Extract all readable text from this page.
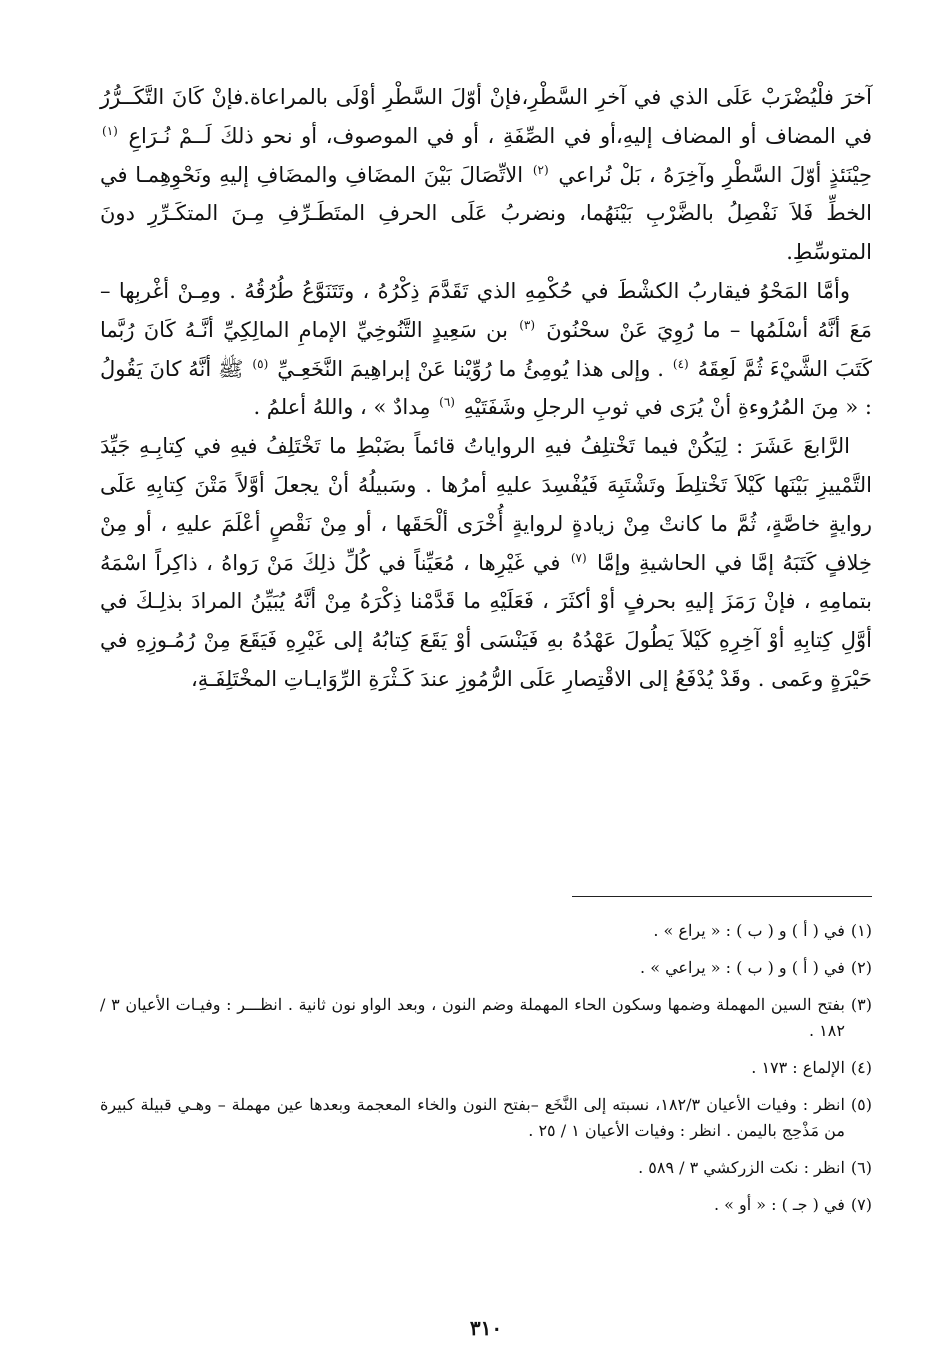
آخرَ فلْيُضْرَبْ عَلَى الذي في آخرِ السَّطْرِ،فإنْ أوّلَ السَّطْرِ أوْلَى بالمراعاة.فإنْ كَانَ التَّكَــرُّرُ في المضاف أو المضاف إليهِ،أو في الصِّفَةِ ، أو في الموصوف، أو نحو ذلكَ لَــمْ نُـرَاعِ $^{(١)}$ حِيْنَئذٍ أوّلَ السَّطْرِ وآخِرَهُ ، بَلْ نُراعي $^{(٢)}$ الاتِّصَالَ بَيْنَ المضَافِ والمضَافِ إليهِ ونَحْوِهِمـا في الخطِّ فَلاَ نَفْصِلُ بالضَّرْبِ بَيْنَهُما، ونضربُ عَلَى الحرفِ المتَطَـرِّفِ مِـنَ المتكَـرِّرِ دونَ المتوسِّطِ.

وأمَّا المَحْوُ فيقاربُ الكشْطَ في حُكْمِهِ الذي تَقَدَّمَ ذِكْرُهُ ، وتَتَنَوَّعُ طُرُقُهُ . ومِـنْ أغْربِها – مَعَ أنَّهُ أسْلَمُها – ما رُوِيَ عَنْ سحْنُونَ $^{(٣)}$ بن سَعِيدٍ التَّنُوخِيِّ الإمامِ المالِكِيِّ أنَّـهُ كَانَ رُبَّما كَتَبَ الشَّيْءَ ثُمَّ لَعِقَهُ $^{(٤)}$ . وإلى هذا يُومِئُ ما رُوِّيْنا عَنْ إبراهِيمَ النَّخَعِـيِّ $^{(٥)}$ ﷺ أنَّهُ كانَ يَقُولُ : « مِنَ المُرُوءةِ أنْ يُرَى في ثوبِ الرجلِ وشَفَتَيْهِ $^{(٦)}$ مِدادٌ » ، واللهُ أعلمُ .

الرَّابعَ عَشَرَ : لِيَكُنْ فيما تَخْتلِفُ فيهِ الرواياتُ قائماً بضَبْطِ ما تَخْتَلِفُ فيهِ في كِتابِـهِ جَيِّدَ التَّمْييزِ بَيْنَها كَيْلاَ تَخْتلِطَ وتَشْتَبِهَ فَيُفْسِدَ عليهِ أمرُها . وسَبيلُهُ أنْ يجعلَ أوَّلاً مَتْنَ كِتابِهِ عَلَى روايةٍ خاصَّةٍ، ثُمَّ ما كانتْ مِنْ زيادةٍ لروايةٍ أُخْرَى ألْحَقَها ، أو مِنْ نَقْصٍ أعْلَمَ عليهِ ، أو مِنْ خِلافٍ كَتَبَهُ إمَّا في الحاشيةِ وإمَّا $^{(٧)}$ في غَيْرِها ، مُعَيِّناً في كُلِّ ذلِكَ مَنْ رَواهُ ، ذاكِراً اسْمَهُ بتمامِهِ ، فإنْ رَمَزَ إليهِ بحرفٍ أوْ أكثَرَ ، فَعَلَيْهِ ما قَدَّمْنا ذِكْرَهُ مِنْ أنَّهُ يُبَيِّنُ المرادَ بذلِـكَ في أوَّلِ كِتابِهِ أوْ آخِرِهِ كَيْلاَ يَطُولَ عَهْدُهُ بهِ فَيَنْسَى أوْ يَقَعَ كِتابُهُ إلى غَيْرِهِ فَيَقَعَ مِنْ رُمُـوزِهِ في حَيْرَةٍ وعَمى . وقَدْ يُدْفَعُ إلى الاقْتِصارِ عَلَى الرُّمُوزِ عندَ كَـثْرَةِ الرِّوَايـاتِ المخْتَلِفَـةِ،

(١)
في ( أ ) و ( ب ) : « يراع » .
(٢)
في ( أ ) و ( ب ) : « يراعي » .
(٣)
بفتح السين المهملة وضمها وسكون الحاء المهملة وضم النون ، وبعد الواو نون ثانية . انظـــر : وفيـات الأعيان ٣ / ١٨٢ .
(٤)
الإلماع : ١٧٣ .
(٥)
انظر : وفيات الأعيان ١٨٢/٣، نسبته إلى النَّخَع –بفتح النون والخاء المعجمة وبعدها عين مهملة – وهـي قبيلة كبيرة من مَذْحِج باليمن . انظر : وفيات الأعيان ١ / ٢٥ .
(٦)
انظر : نكت الزركشي ٣ / ٥٨٩ .
(٧)
في ( جـ ) : « أو » .
٣١٠
